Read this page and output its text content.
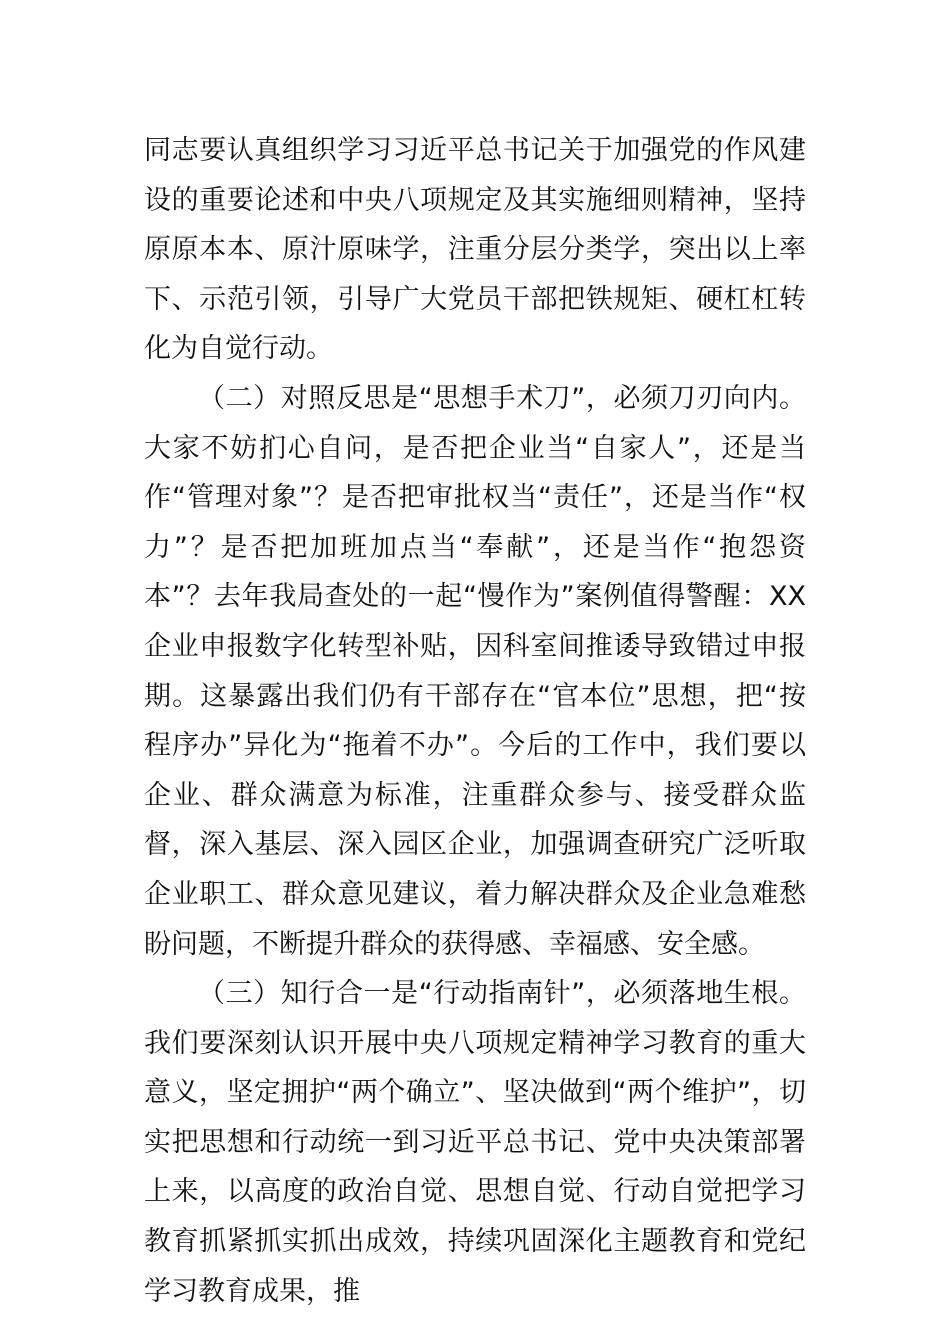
同志要认真组织学习习近平总书记关于加强党的作风建设的重要论述和中央八项规定及其实施细则精神，坚持原原本本、原汁原味学，注重分层分类学，突出以上率下、示范引领，引导广大党员干部把铁规矩、硬杠杠转化为自觉行动。

（二）对照反思是“思想手术刀”，必须刀刃向内。大家不妨扪心自问，是否把企业当“自家人”，还是当作“管理对象”？是否把审批权当“责任”，还是当作“权力”？是否把加班加点当“奉献”，还是当作“抱怨资本”？去年我局查处的一起“慢作为”案例值得警醒：XX 企业申报数字化转型补贴，因科室间推诿导致错过申报期。这暴露出我们仍有干部存在“官本位”思想，把“按程序办”异化为“拖着不办”。今后的工作中，我们要以企业、群众满意为标准，注重群众参与、接受群众监督，深入基层、深入园区企业，加强调查研究广泛听取企业职工、群众意见建议，着力解决群众及企业急难愁盼问题，不断提升群众的获得感、幸福感、安全感。

（三）知行合一是“行动指南针”，必须落地生根。我们要深刻认识开展中央八项规定精神学习教育的重大意义，坚定拥护“两个确立”、坚决做到“两个维护”，切实把思想和行动统一到习近平总书记、党中央决策部署上来，以高度的政治自觉、思想自觉、行动自觉把学习教育抓紧抓实抓出成效，持续巩固深化主题教育和党纪学习教育成果，推
